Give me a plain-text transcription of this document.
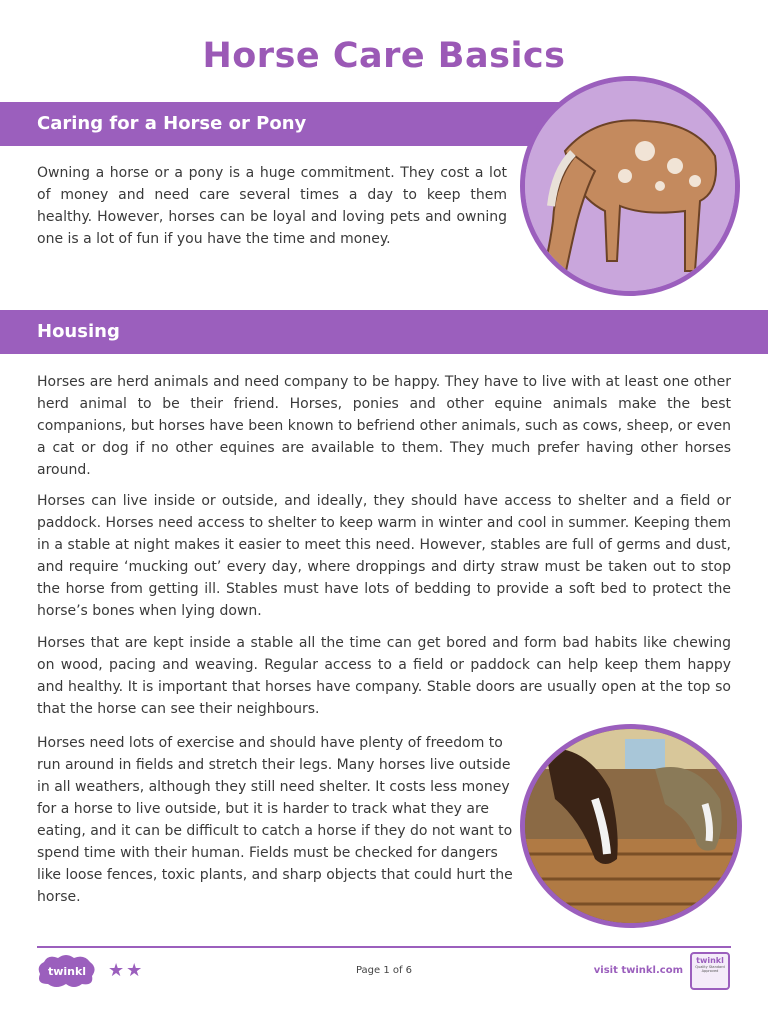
Horse Care Basics
Caring for a Horse or Pony

Owning a horse or a pony is a huge commitment. They cost a lot of money and need care several times a day to keep them healthy. However, horses can be loyal and loving pets and owning one is a lot of fun if you have the time and money.

Housing

Horses are herd animals and need company to be happy. They have to live with at least one other herd animal to be their friend. Horses, ponies and other equine animals make the best companions, but horses have been known to befriend other animals, such as cows, sheep, or even a cat or dog if no other equines are available to them. They much prefer having other horses around.

Horses can live inside or outside, and ideally, they should have access to shelter and a field or paddock. Horses need access to shelter to keep warm in winter and cool in summer. Keeping them in a stable at night makes it easier to meet this need. However, stables are full of germs and dust, and require ‘mucking out’ every day, where droppings and dirty straw must be taken out to stop the horse from getting ill. Stables must have lots of bedding to provide a soft bed to protect the horse’s bones when lying down.

Horses that are kept inside a stable all the time can get bored and form bad habits like chewing on wood, pacing and weaving. Regular access to a field or paddock can help keep them happy and healthy. It is important that horses have company. Stable doors are usually open at the top so that the horse can see their neighbours.

Horses need lots of exercise and should have plenty of freedom to run around in fields and stretch their legs. Many horses live outside in all weathers, although they still need shelter. It costs less money for a horse to live outside, but it is harder to track what they are eating, and it can be difficult to catch a horse if they do not want to spend time with their human. Fields must be checked for dangers like loose fences, toxic plants, and sharp objects that could hurt the horse.

twinkl ★★	Page 1 of 6	visit twinkl.com
twinkl
Quality Standard Approved
